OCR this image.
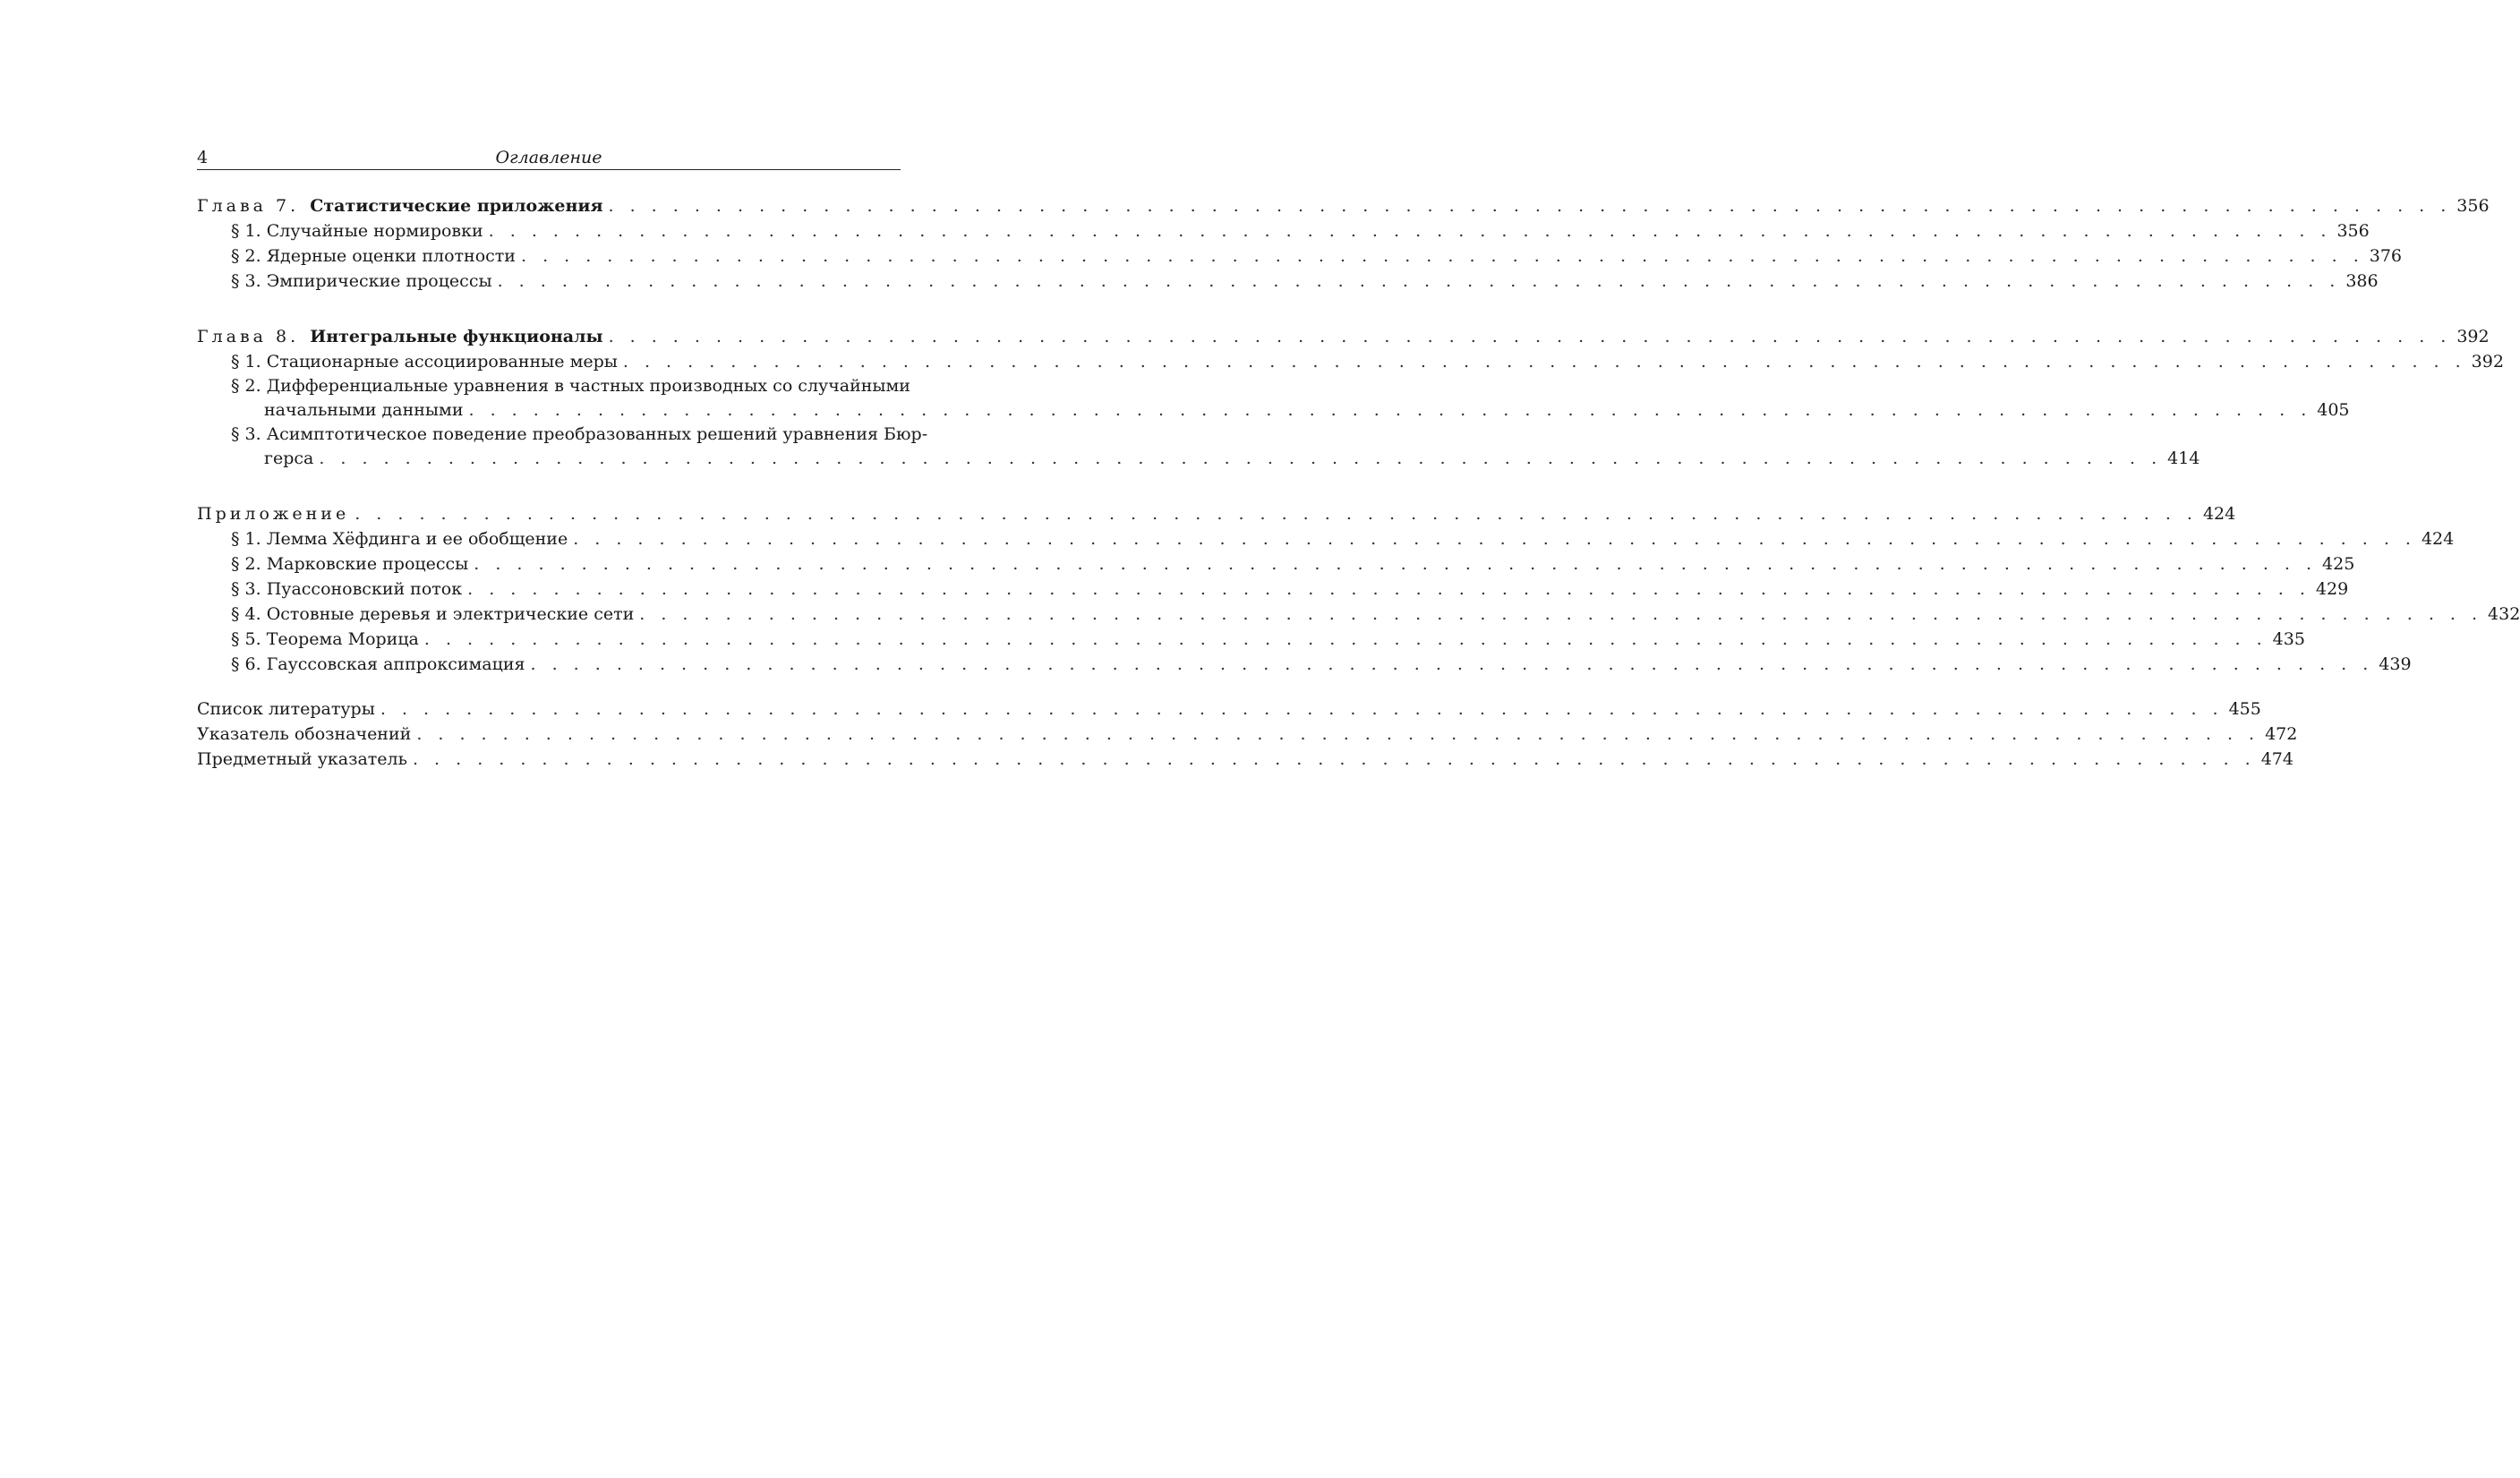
4	Оглавление
Глава 7. Статистические приложения . . . . . . . . . . . . . . . . . . . . . . . . . . . . . . . . . . . . . . . . . . . . . . . . . . . . . . . . . . . . . . . . . . . . . . . . . . . . . . . . . . . . . . 356
§ 1. Случайные нормировки . . . . . . . . . . . . . . . . . . . . . . . . . . . . . . . . . . . . . . . . . . . . . . . . . . . . . . . . . . . . . . . . . . . . . . . . . . . . . . . . . . . . . . 356
§ 2. Ядерные оценки плотности . . . . . . . . . . . . . . . . . . . . . . . . . . . . . . . . . . . . . . . . . . . . . . . . . . . . . . . . . . . . . . . . . . . . . . . . . . . . . . . . . . . . . . 376
§ 3. Эмпирические процессы . . . . . . . . . . . . . . . . . . . . . . . . . . . . . . . . . . . . . . . . . . . . . . . . . . . . . . . . . . . . . . . . . . . . . . . . . . . . . . . . . . . . . . 386
Глава 8. Интегральные функционалы . . . . . . . . . . . . . . . . . . . . . . . . . . . . . . . . . . . . . . . . . . . . . . . . . . . . . . . . . . . . . . . . . . . . . . . . . . . . . . . . . . . . . . 392
§ 1. Стационарные ассоциированные меры . . . . . . . . . . . . . . . . . . . . . . . . . . . . . . . . . . . . . . . . . . . . . . . . . . . . . . . . . . . . . . . . . . . . . . . . . . . . . . . . . . . . . . 392
§ 2. Дифференциальные уравнения в частных производных со случайными
начальными данными . . . . . . . . . . . . . . . . . . . . . . . . . . . . . . . . . . . . . . . . . . . . . . . . . . . . . . . . . . . . . . . . . . . . . . . . . . . . . . . . . . . . . . 405
§ 3. Асимптотическое поведение преобразованных решений уравнения Бюр-
герса . . . . . . . . . . . . . . . . . . . . . . . . . . . . . . . . . . . . . . . . . . . . . . . . . . . . . . . . . . . . . . . . . . . . . . . . . . . . . . . . . . . . . . 414
Приложение . . . . . . . . . . . . . . . . . . . . . . . . . . . . . . . . . . . . . . . . . . . . . . . . . . . . . . . . . . . . . . . . . . . . . . . . . . . . . . . . . . . . . . 424
§ 1. Лемма Хёфдинга и ее обобщение . . . . . . . . . . . . . . . . . . . . . . . . . . . . . . . . . . . . . . . . . . . . . . . . . . . . . . . . . . . . . . . . . . . . . . . . . . . . . . . . . . . . . . 424
§ 2. Марковские процессы . . . . . . . . . . . . . . . . . . . . . . . . . . . . . . . . . . . . . . . . . . . . . . . . . . . . . . . . . . . . . . . . . . . . . . . . . . . . . . . . . . . . . . 425
§ 3. Пуассоновский поток . . . . . . . . . . . . . . . . . . . . . . . . . . . . . . . . . . . . . . . . . . . . . . . . . . . . . . . . . . . . . . . . . . . . . . . . . . . . . . . . . . . . . . 429
§ 4. Остовные деревья и электрические сети . . . . . . . . . . . . . . . . . . . . . . . . . . . . . . . . . . . . . . . . . . . . . . . . . . . . . . . . . . . . . . . . . . . . . . . . . . . . . . . . . . . . . . 432
§ 5. Теорема Морица . . . . . . . . . . . . . . . . . . . . . . . . . . . . . . . . . . . . . . . . . . . . . . . . . . . . . . . . . . . . . . . . . . . . . . . . . . . . . . . . . . . . . . 435
§ 6. Гауссовская аппроксимация . . . . . . . . . . . . . . . . . . . . . . . . . . . . . . . . . . . . . . . . . . . . . . . . . . . . . . . . . . . . . . . . . . . . . . . . . . . . . . . . . . . . . . 439
Список литературы . . . . . . . . . . . . . . . . . . . . . . . . . . . . . . . . . . . . . . . . . . . . . . . . . . . . . . . . . . . . . . . . . . . . . . . . . . . . . . . . . . . . . . 455
Указатель обозначений . . . . . . . . . . . . . . . . . . . . . . . . . . . . . . . . . . . . . . . . . . . . . . . . . . . . . . . . . . . . . . . . . . . . . . . . . . . . . . . . . . . . . . 472
Предметный указатель . . . . . . . . . . . . . . . . . . . . . . . . . . . . . . . . . . . . . . . . . . . . . . . . . . . . . . . . . . . . . . . . . . . . . . . . . . . . . . . . . . . . . . 474
